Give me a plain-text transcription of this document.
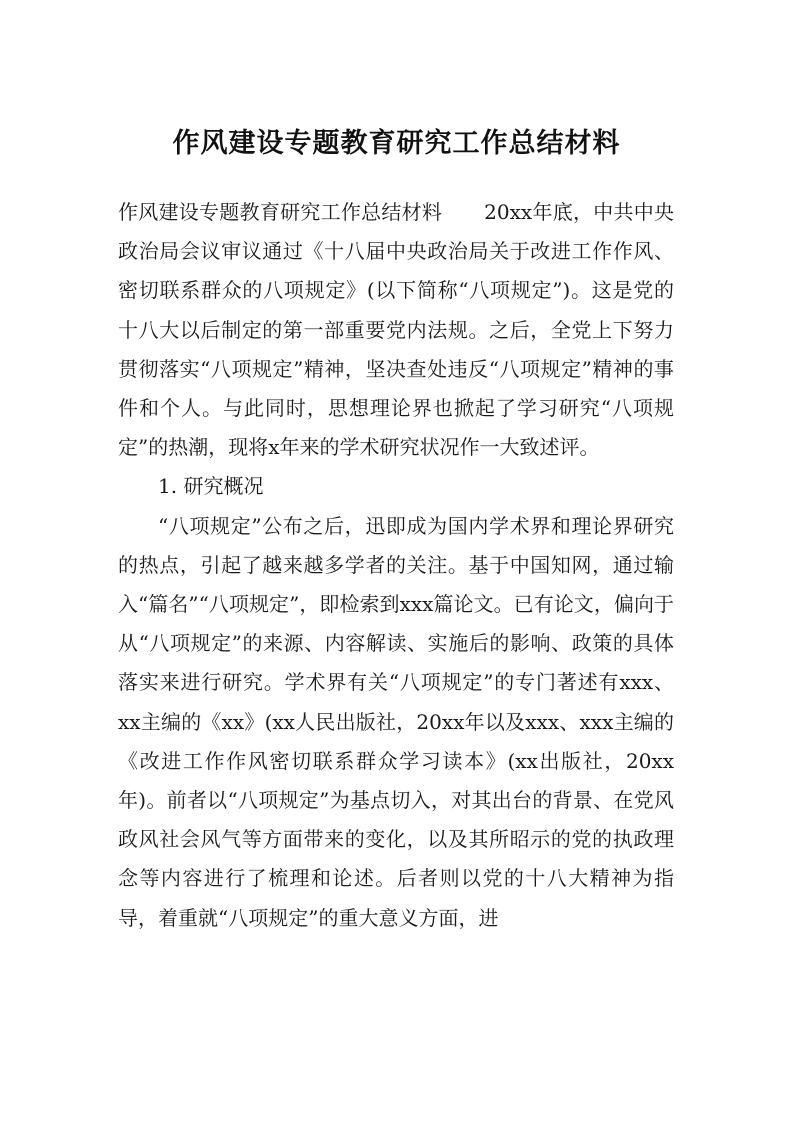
作风建设专题教育研究工作总结材料

作风建设专题教育研究工作总结材料 20xx年底，中共中央政治局会议审议通过《十八届中央政治局关于改进工作作风、密切联系群众的八项规定》(以下简称“八项规定”)。这是党的十八大以后制定的第一部重要党内法规。之后，全党上下努力贯彻落实“八项规定”精神，坚决查处违反“八项规定”精神的事件和个人。与此同时，思想理论界也掀起了学习研究“八项规定”的热潮，现将x年来的学术研究状况作一大致述评。

1. 研究概况

“八项规定”公布之后，迅即成为国内学术界和理论界研究的热点，引起了越来越多学者的关注。基于中国知网，通过输入“篇名”“八项规定”，即检索到xxx篇论文。已有论文，偏向于从“八项规定”的来源、内容解读、实施后的影响、政策的具体落实来进行研究。学术界有关“八项规定”的专门著述有xxx、xx主编的《xx》(xx人民出版社，20xx年以及xxx、xxx主编的《改进工作作风密切联系群众学习读本》(xx出版社，20xx年)。前者以“八项规定”为基点切入，对其出台的背景、在党风政风社会风气等方面带来的变化，以及其所昭示的党的执政理念等内容进行了梳理和论述。后者则以党的十八大精神为指导，着重就“八项规定”的重大意义方面，进
